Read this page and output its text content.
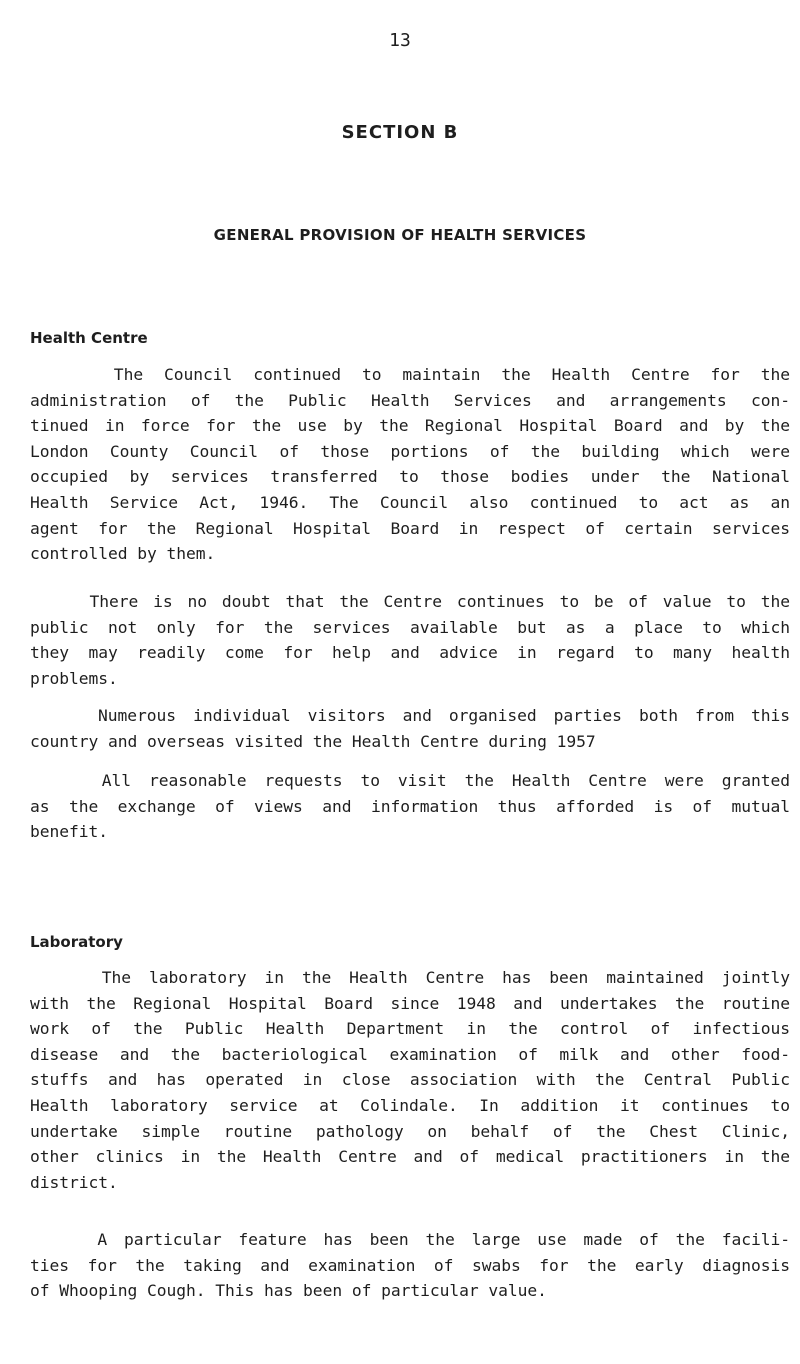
13
SECTION B
GENERAL PROVISION OF HEALTH SERVICES
Health Centre

The Council continued to maintain the Health Centre for the
administration of the Public Health Services and arrangements con-
tinued in force for the use by the Regional Hospital Board and by the
London County Council of those portions of the building which were
occupied by services transferred to those bodies under the National
Health Service Act, 1946. The Council also continued to act as an
agent for the Regional Hospital Board in respect of certain services
controlled by them.

There is no doubt that the Centre continues to be of value to the
public not only for the services available but as a place to which
they may readily come for help and advice in regard to many health
problems.

Numerous individual visitors and organised parties both from this
country and overseas visited the Health Centre during 1957

All reasonable requests to visit the Health Centre were granted
as the exchange of views and information thus afforded is of mutual
benefit.

Laboratory

The laboratory in the Health Centre has been maintained jointly
with the Regional Hospital Board since 1948 and undertakes the routine
work of the Public Health Department in the control of infectious
disease and the bacteriological examination of milk and other food-
stuffs and has operated in close association with the Central Public
Health laboratory service at Colindale. In addition it continues to
undertake simple routine pathology on behalf of the Chest Clinic,
other clinics in the Health Centre and of medical practitioners in the
district.

A particular feature has been the large use made of the facili-
ties for the taking and examination of swabs for the early diagnosis
of Whooping Cough. This has been of particular value.
